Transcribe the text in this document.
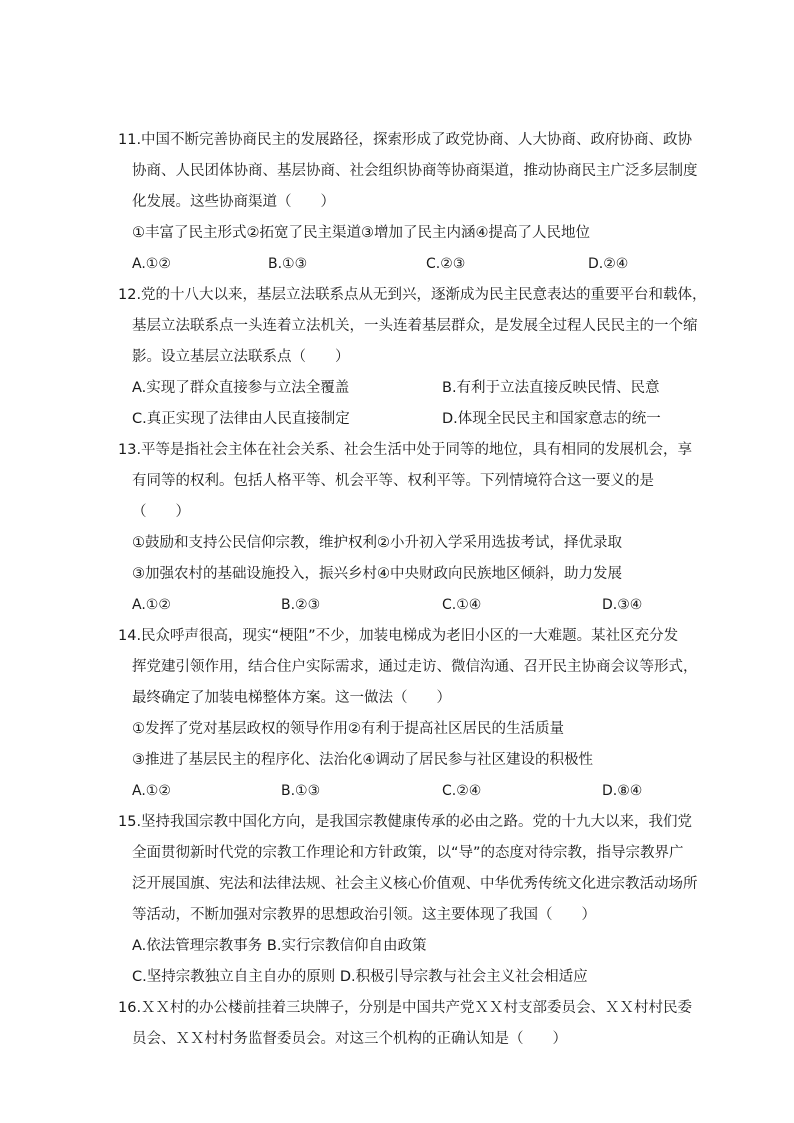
11.中国不断完善协商民主的发展路径，探索形成了政党协商、人大协商、政府协商、政协
协商、人民团体协商、基层协商、社会组织协商等协商渠道，推动协商民主广泛多层制度
化发展。这些协商渠道（　　）
①丰富了民主形式②拓宽了民主渠道③增加了民主内涵④提高了人民地位
A.①②	B.①③	C.②③	D.②④
12.党的十八大以来，基层立法联系点从无到兴，逐渐成为民主民意表达的重要平台和载体，
基层立法联系点一头连着立法机关，一头连着基层群众，是发展全过程人民民主的一个缩
影。设立基层立法联系点（　　）
A.实现了群众直接参与立法全覆盖	B.有利于立法直接反映民情、民意
C.真正实现了法律由人民直接制定	D.体现全民民主和国家意志的统一
13.平等是指社会主体在社会关系、社会生活中处于同等的地位，具有相同的发展机会，享
有同等的权利。包括人格平等、机会平等、权利平等。下列情境符合这一要义的是
（　　）
①鼓励和支持公民信仰宗教，维护权利②小升初入学采用选拔考试，择优录取
③加强农村的基础设施投入，振兴乡村④中央财政向民族地区倾斜，助力发展
A.①②	B.②③	C.①④	D.③④
14.民众呼声很高，现实“梗阻”不少，加装电梯成为老旧小区的一大难题。某社区充分发
挥党建引领作用，结合住户实际需求，通过走访、微信沟通、召开民主协商会议等形式，
最终确定了加装电梯整体方案。这一做法（　　）
①发挥了党对基层政权的领导作用②有利于提高社区居民的生活质量
③推进了基层民主的程序化、法治化④调动了居民参与社区建设的积极性
A.①②	B.①③	C.②④	D.⑧④
15.坚持我国宗教中国化方向，是我国宗教健康传承的必由之路。党的十九大以来，我们党
全面贯彻新时代党的宗教工作理论和方针政策，以“导”的态度对待宗教，指导宗教界广
泛开展国旗、宪法和法律法规、社会主义核心价值观、中华优秀传统文化进宗教活动场所
等活动，不断加强对宗教界的思想政治引领。这主要体现了我国（　　）
A.依法管理宗教事务 B.实行宗教信仰自由政策
C.坚持宗教独立自主自办的原则 D.积极引导宗教与社会主义社会相适应
16.ＸＸ村的办公楼前挂着三块牌子，分别是中国共产党ＸＸ村支部委员会、ＸＸ村村民委
员会、ＸＸ村村务监督委员会。对这三个机构的正确认知是（　　）
